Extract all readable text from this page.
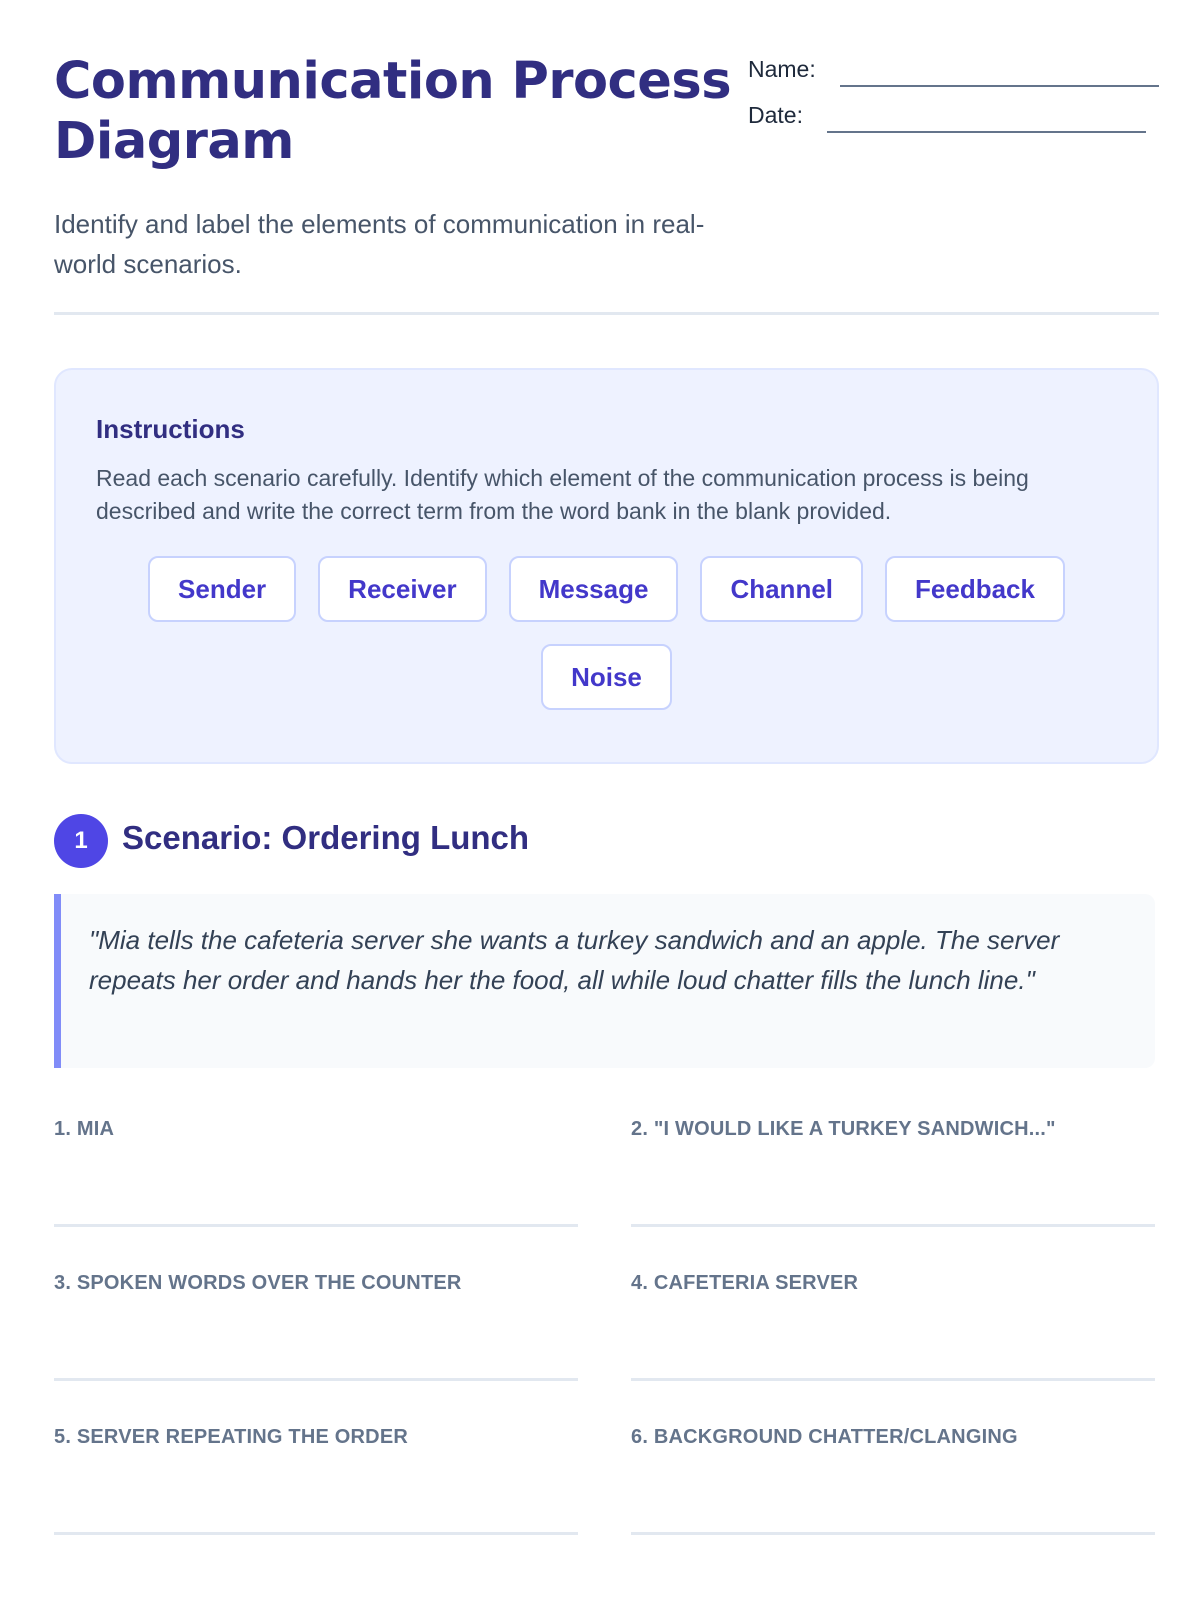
Communication Process Diagram

Identify and label the elements of communication in real-world scenarios.

Name:
Date:
Instructions

Read each scenario carefully. Identify which element of the communication process is being described and write the correct term from the word bank in the blank provided.

Sender	Receiver	Message	Channel	Feedback
Noise
1	Scenario: Ordering Lunch

"Mia tells the cafeteria server she wants a turkey sandwich and an apple. The server repeats her order and hands her the food, all while loud chatter fills the lunch line."

1. MIA	2. "I WOULD LIKE A TURKEY SANDWICH..."
3. SPOKEN WORDS OVER THE COUNTER	4. CAFETERIA SERVER
5. SERVER REPEATING THE ORDER	6. BACKGROUND CHATTER/CLANGING
